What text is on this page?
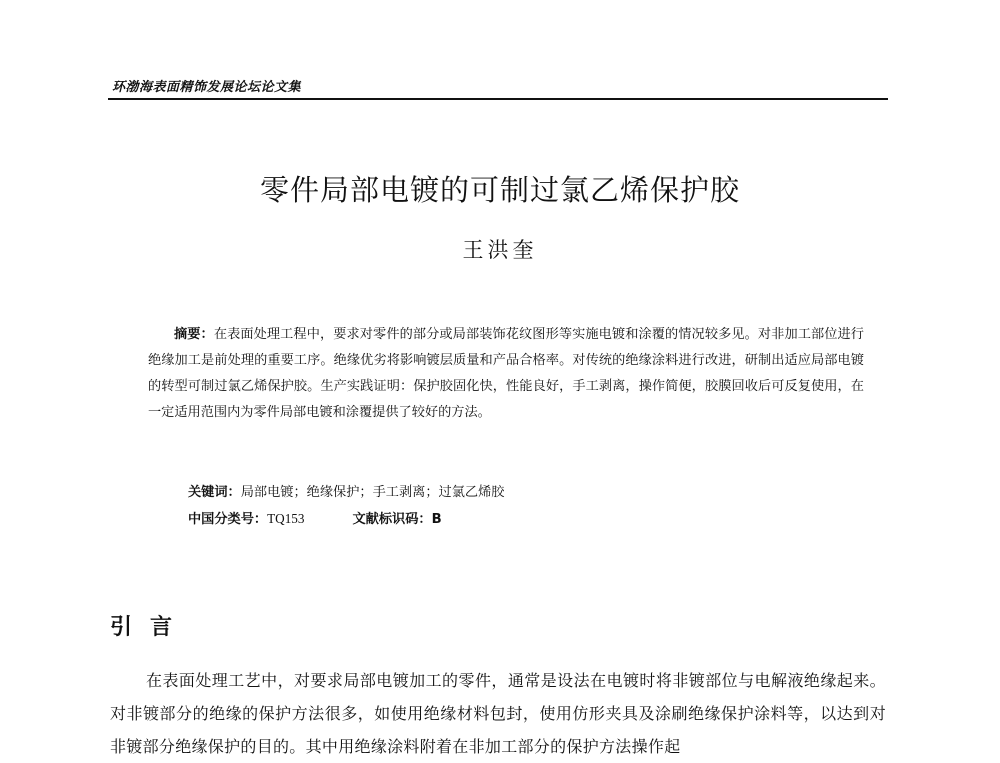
环渤海表面精饰发展论坛论文集
零件局部电镀的可制过氯乙烯保护胶
王洪奎
摘要：在表面处理工程中，要求对零件的部分或局部装饰花纹图形等实施电镀和涂覆的情况较多见。对非加工部位进行绝缘加工是前处理的重要工序。绝缘优劣将影响镀层质量和产品合格率。对传统的绝缘涂料进行改进，研制出适应局部电镀的转型可制过氯乙烯保护胶。生产实践证明：保护胶固化快，性能良好，手工剥离，操作简便，胶膜回收后可反复使用，在一定适用范围内为零件局部电镀和涂覆提供了较好的方法。
关键词：局部电镀；绝缘保护；手工剥离；过氯乙烯胶
中国分类号：TQ153	文献标识码：B
引言
在表面处理工艺中，对要求局部电镀加工的零件，通常是设法在电镀时将非镀部位与电解液绝缘起来。对非镀部分的绝缘的保护方法很多，如使用绝缘材料包封，使用仿形夹具及涂刷绝缘保护涂料等，以达到对非镀部分绝缘保护的目的。其中用绝缘涂料附着在非加工部分的保护方法操作起
